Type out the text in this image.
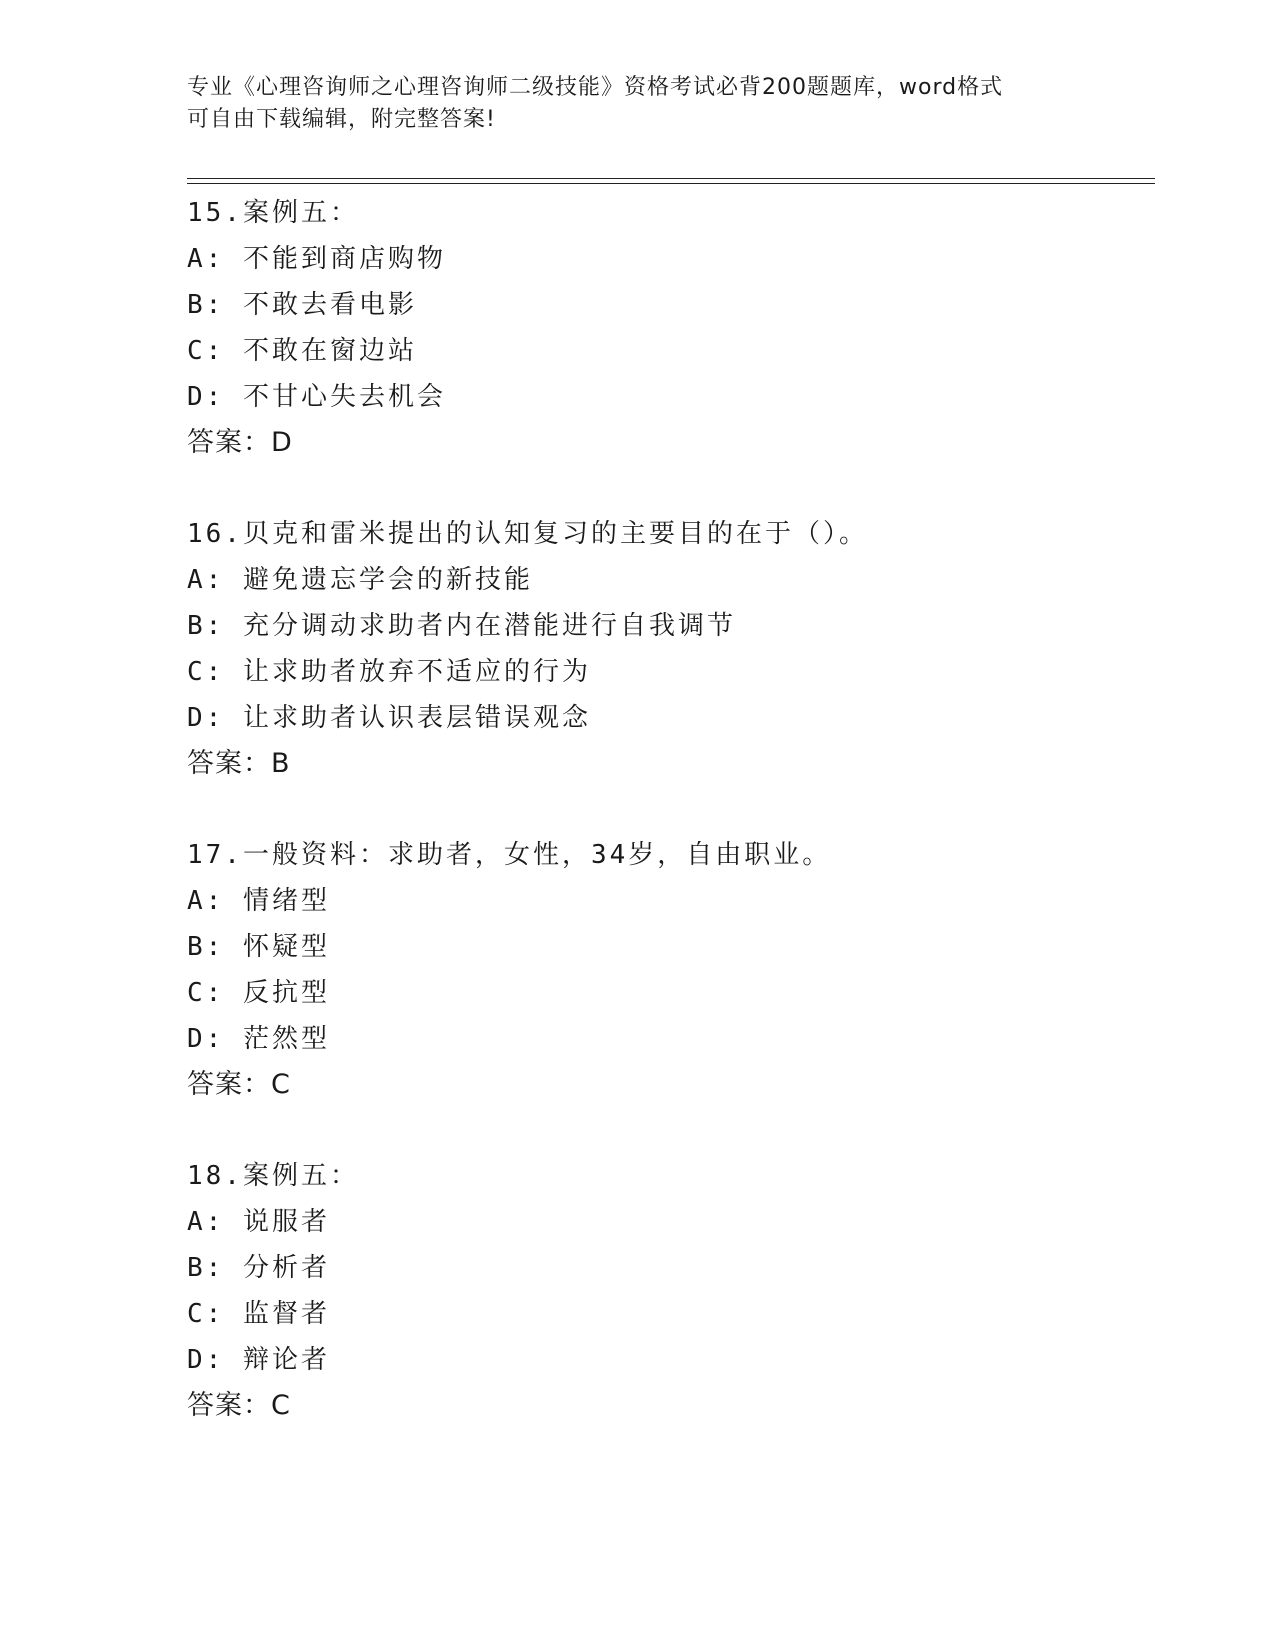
专业《心理咨询师之心理咨询师二级技能》资格考试必背200题题库，word格式
可自由下载编辑，附完整答案!
15.案例五：
A: 不能到商店购物
B: 不敢去看电影
C: 不敢在窗边站
D: 不甘心失去机会
答案：D
16.贝克和雷米提出的认知复习的主要目的在于（）。
A: 避免遗忘学会的新技能
B: 充分调动求助者内在潜能进行自我调节
C: 让求助者放弃不适应的行为
D: 让求助者认识表层错误观念
答案：B
17.一般资料：求助者，女性，34岁，自由职业。
A: 情绪型
B: 怀疑型
C: 反抗型
D: 茫然型
答案：C
18.案例五：
A: 说服者
B: 分析者
C: 监督者
D: 辩论者
答案：C
